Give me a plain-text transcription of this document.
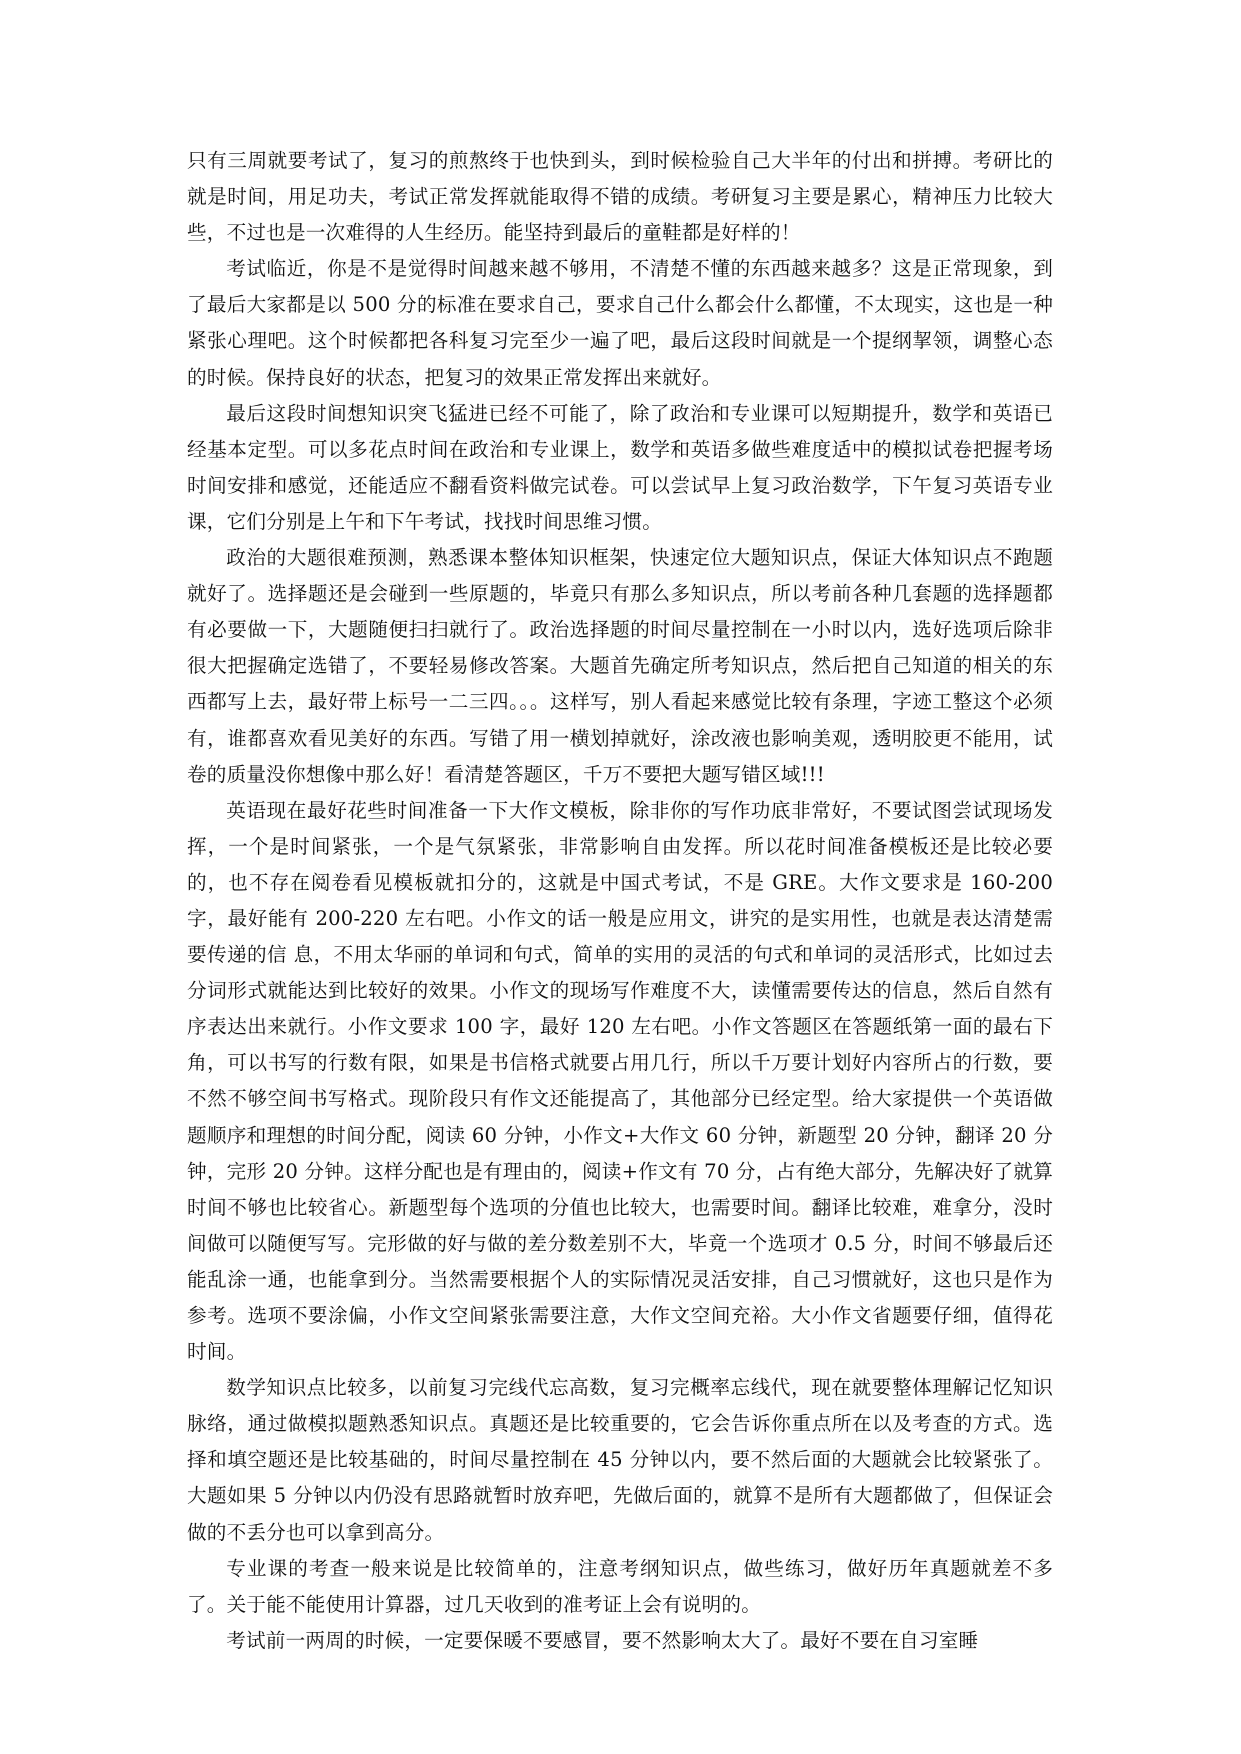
只有三周就要考试了，复习的煎熬终于也快到头，到时候检验自己大半年的付出和拼搏。考研比的就是时间，用足功夫，考试正常发挥就能取得不错的成绩。考研复习主要是累心，精神压力比较大些，不过也是一次难得的人生经历。能坚持到最后的童鞋都是好样的！

考试临近，你是不是觉得时间越来越不够用，不清楚不懂的东西越来越多？这是正常现象，到了最后大家都是以 500 分的标准在要求自己，要求自己什么都会什么都懂，不太现实，这也是一种紧张心理吧。这个时候都把各科复习完至少一遍了吧，最后这段时间就是一个提纲挈领，调整心态的时候。保持良好的状态，把复习的效果正常发挥出来就好。

最后这段时间想知识突飞猛进已经不可能了，除了政治和专业课可以短期提升，数学和英语已经基本定型。可以多花点时间在政治和专业课上，数学和英语多做些难度适中的模拟试卷把握考场时间安排和感觉，还能适应不翻看资料做完试卷。可以尝试早上复习政治数学，下午复习英语专业课，它们分别是上午和下午考试，找找时间思维习惯。

政治的大题很难预测，熟悉课本整体知识框架，快速定位大题知识点，保证大体知识点不跑题就好了。选择题还是会碰到一些原题的，毕竟只有那么多知识点，所以考前各种几套题的选择题都有必要做一下，大题随便扫扫就行了。政治选择题的时间尽量控制在一小时以内，选好选项后除非很大把握确定选错了，不要轻易修改答案。大题首先确定所考知识点，然后把自己知道的相关的东西都写上去，最好带上标号一二三四。。。这样写，别人看起来感觉比较有条理，字迹工整这个必须有，谁都喜欢看见美好的东西。写错了用一横划掉就好，涂改液也影响美观，透明胶更不能用，试卷的质量没你想像中那么好！看清楚答题区，千万不要把大题写错区域!!!

英语现在最好花些时间准备一下大作文模板，除非你的写作功底非常好，不要试图尝试现场发挥，一个是时间紧张，一个是气氛紧张，非常影响自由发挥。所以花时间准备模板还是比较必要的，也不存在阅卷看见模板就扣分的，这就是中国式考试，不是 GRE。大作文要求是 160-200 字，最好能有 200-220 左右吧。小作文的话一般是应用文，讲究的是实用性，也就是表达清楚需要传递的信 息，不用太华丽的单词和句式，简单的实用的灵活的句式和单词的灵活形式，比如过去分词形式就能达到比较好的效果。小作文的现场写作难度不大，读懂需要传达的信息，然后自然有序表达出来就行。小作文要求 100 字，最好 120 左右吧。小作文答题区在答题纸第一面的最右下角，可以书写的行数有限，如果是书信格式就要占用几行，所以千万要计划好内容所占的行数，要不然不够空间书写格式。现阶段只有作文还能提高了，其他部分已经定型。给大家提供一个英语做题顺序和理想的时间分配，阅读 60 分钟，小作文+大作文 60 分钟，新题型 20 分钟，翻译 20 分钟，完形 20 分钟。这样分配也是有理由的，阅读+作文有 70 分，占有绝大部分，先解决好了就算时间不够也比较省心。新题型每个选项的分值也比较大，也需要时间。翻译比较难，难拿分，没时间做可以随便写写。完形做的好与做的差分数差别不大，毕竟一个选项才 0.5 分，时间不够最后还能乱涂一通，也能拿到分。当然需要根据个人的实际情况灵活安排，自己习惯就好，这也只是作为参考。选项不要涂偏，小作文空间紧张需要注意，大作文空间充裕。大小作文省题要仔细，值得花时间。

数学知识点比较多，以前复习完线代忘高数，复习完概率忘线代，现在就要整体理解记忆知识脉络，通过做模拟题熟悉知识点。真题还是比较重要的，它会告诉你重点所在以及考查的方式。选择和填空题还是比较基础的，时间尽量控制在 45 分钟以内，要不然后面的大题就会比较紧张了。大题如果 5 分钟以内仍没有思路就暂时放弃吧，先做后面的，就算不是所有大题都做了，但保证会做的不丢分也可以拿到高分。

专业课的考查一般来说是比较简单的，注意考纲知识点，做些练习，做好历年真题就差不多了。关于能不能使用计算器，过几天收到的准考证上会有说明的。

考试前一两周的时候，一定要保暖不要感冒，要不然影响太大了。最好不要在自习室睡
